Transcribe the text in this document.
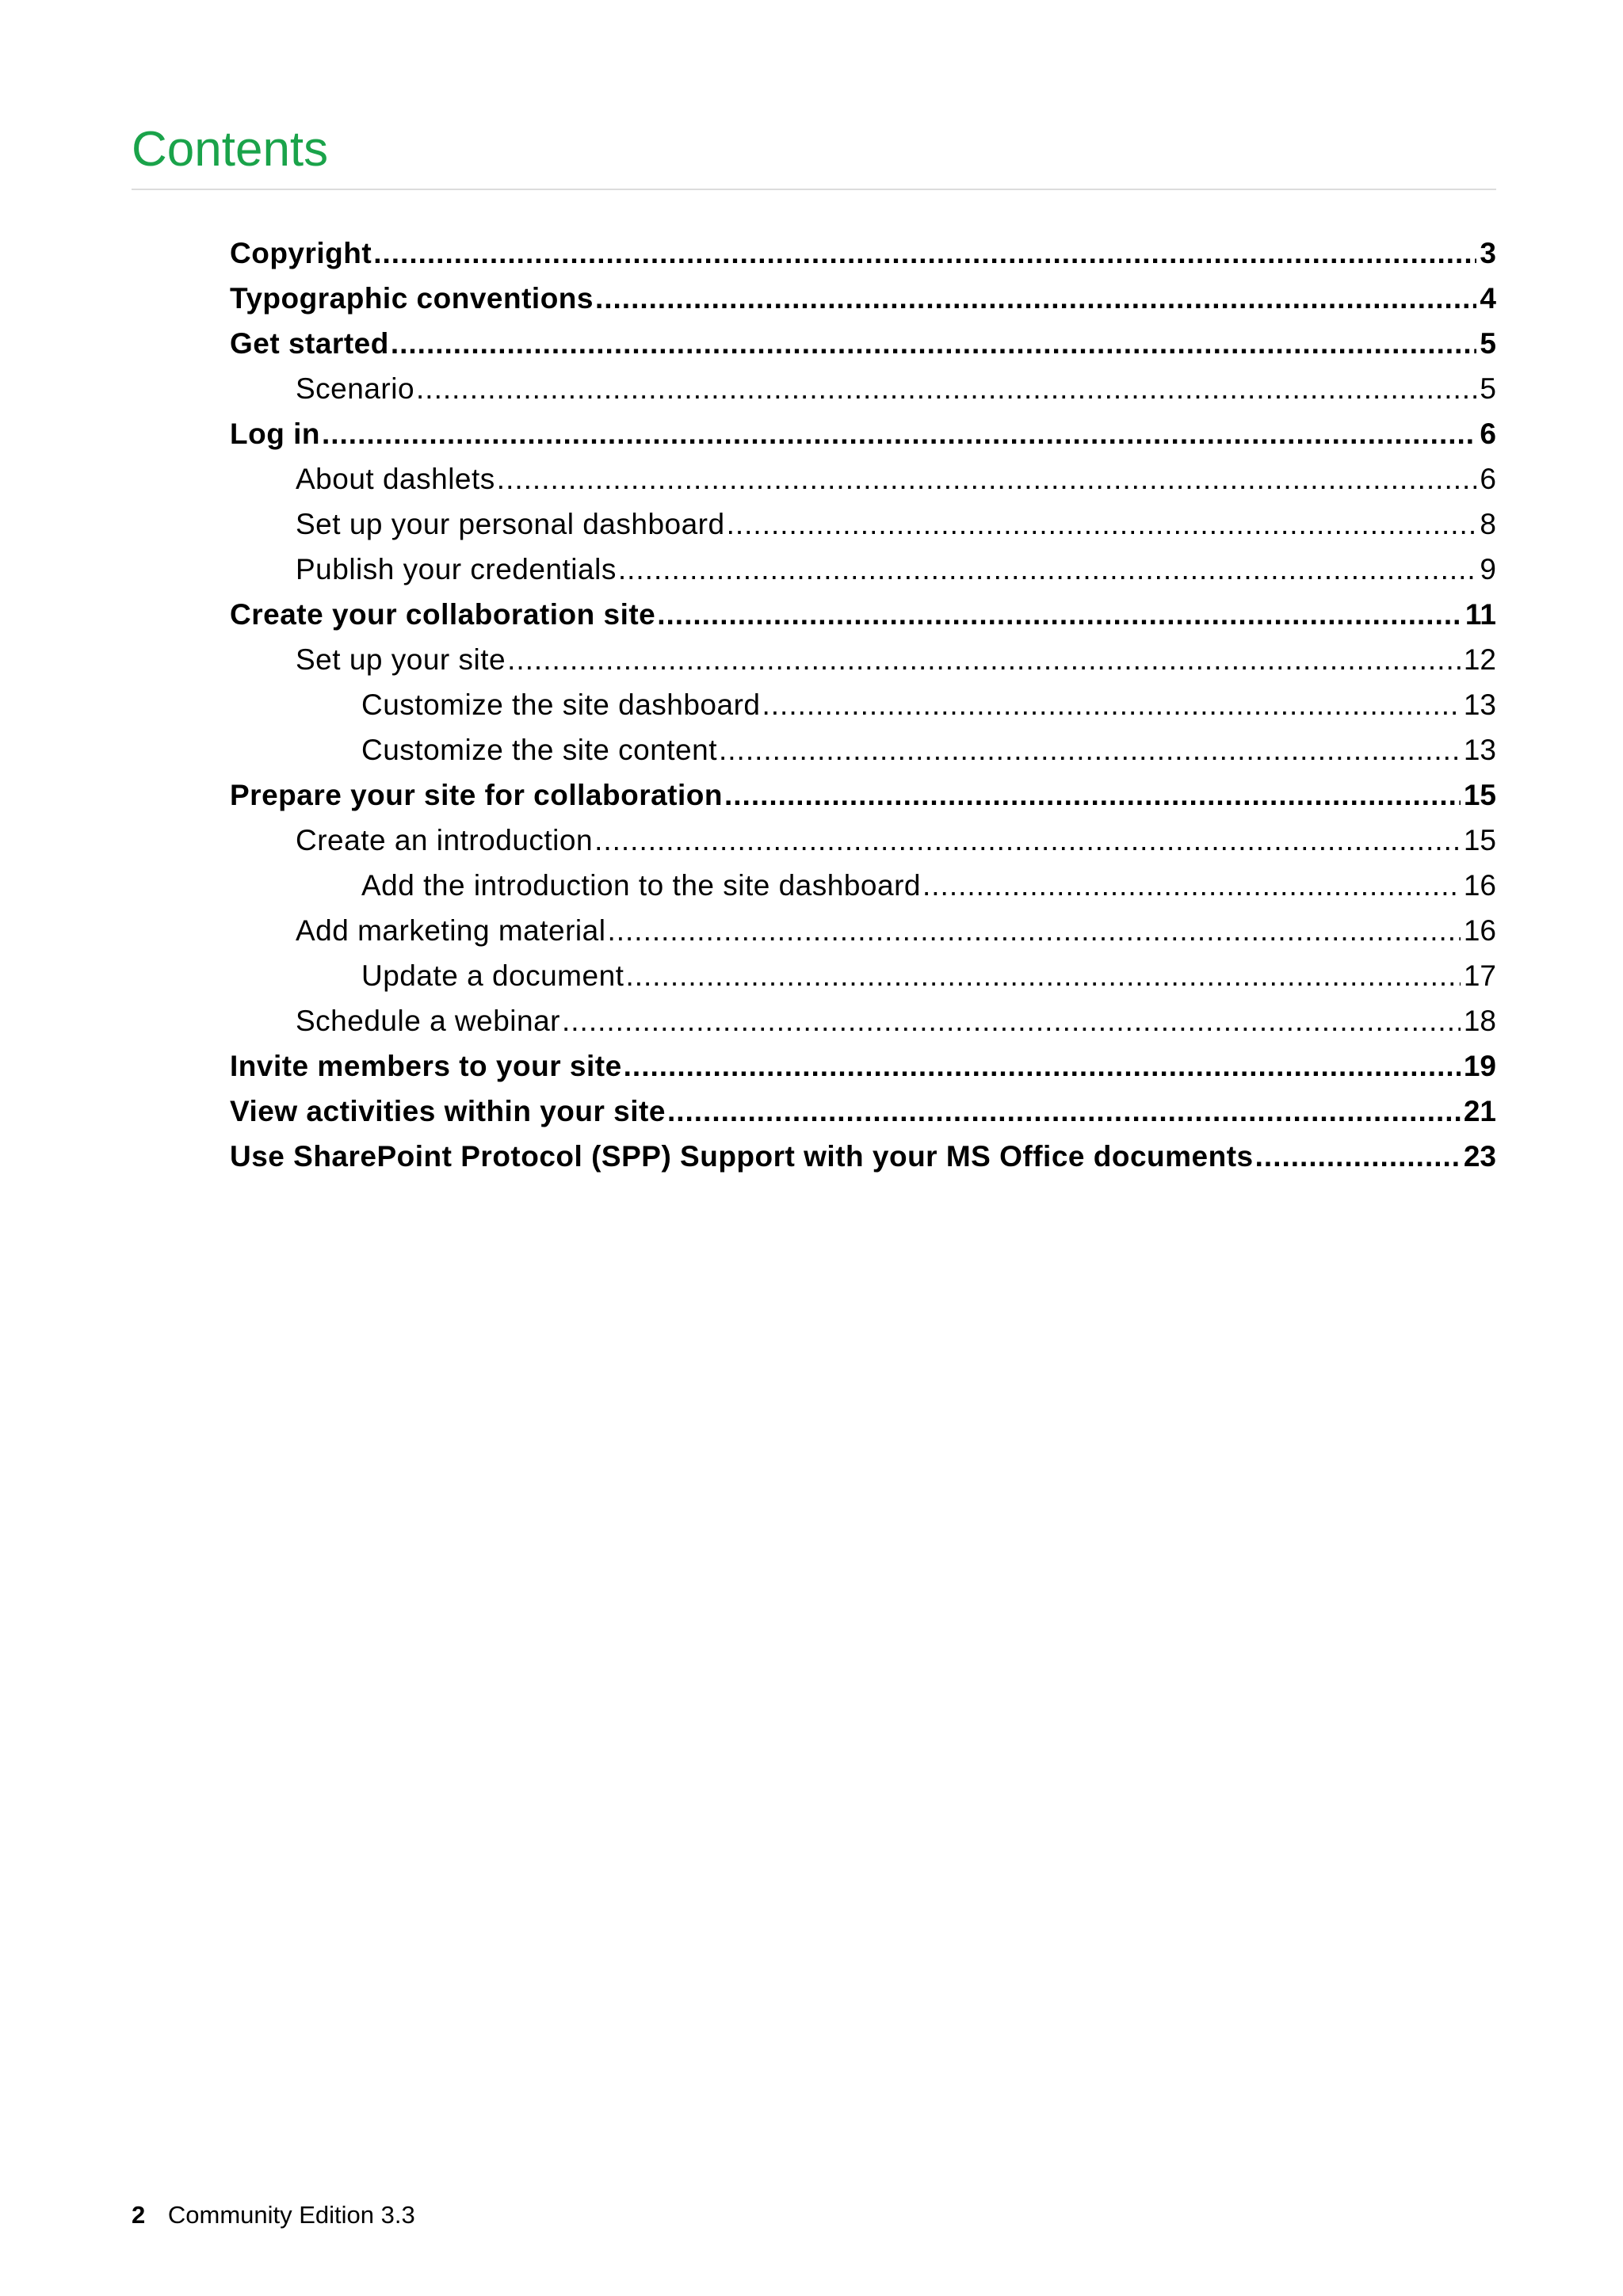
Contents
Copyright .....	3
Typographic conventions .....	4
Get started .....	5
Scenario .....	5
Log in .....	6
About dashlets .....	6
Set up your personal dashboard .....	8
Publish your credentials .....	9
Create your collaboration site .....	11
Set up your site .....	12
Customize the site dashboard .....	13
Customize the site content .....	13
Prepare your site for collaboration .....	15
Create an introduction .....	15
Add the introduction to the site dashboard .....	16
Add marketing material .....	16
Update a document .....	17
Schedule a webinar .....	18
Invite members to your site .....	19
View activities within your site .....	21
Use SharePoint Protocol (SPP) Support with your MS Office documents .....	23
2 Community Edition 3.3
